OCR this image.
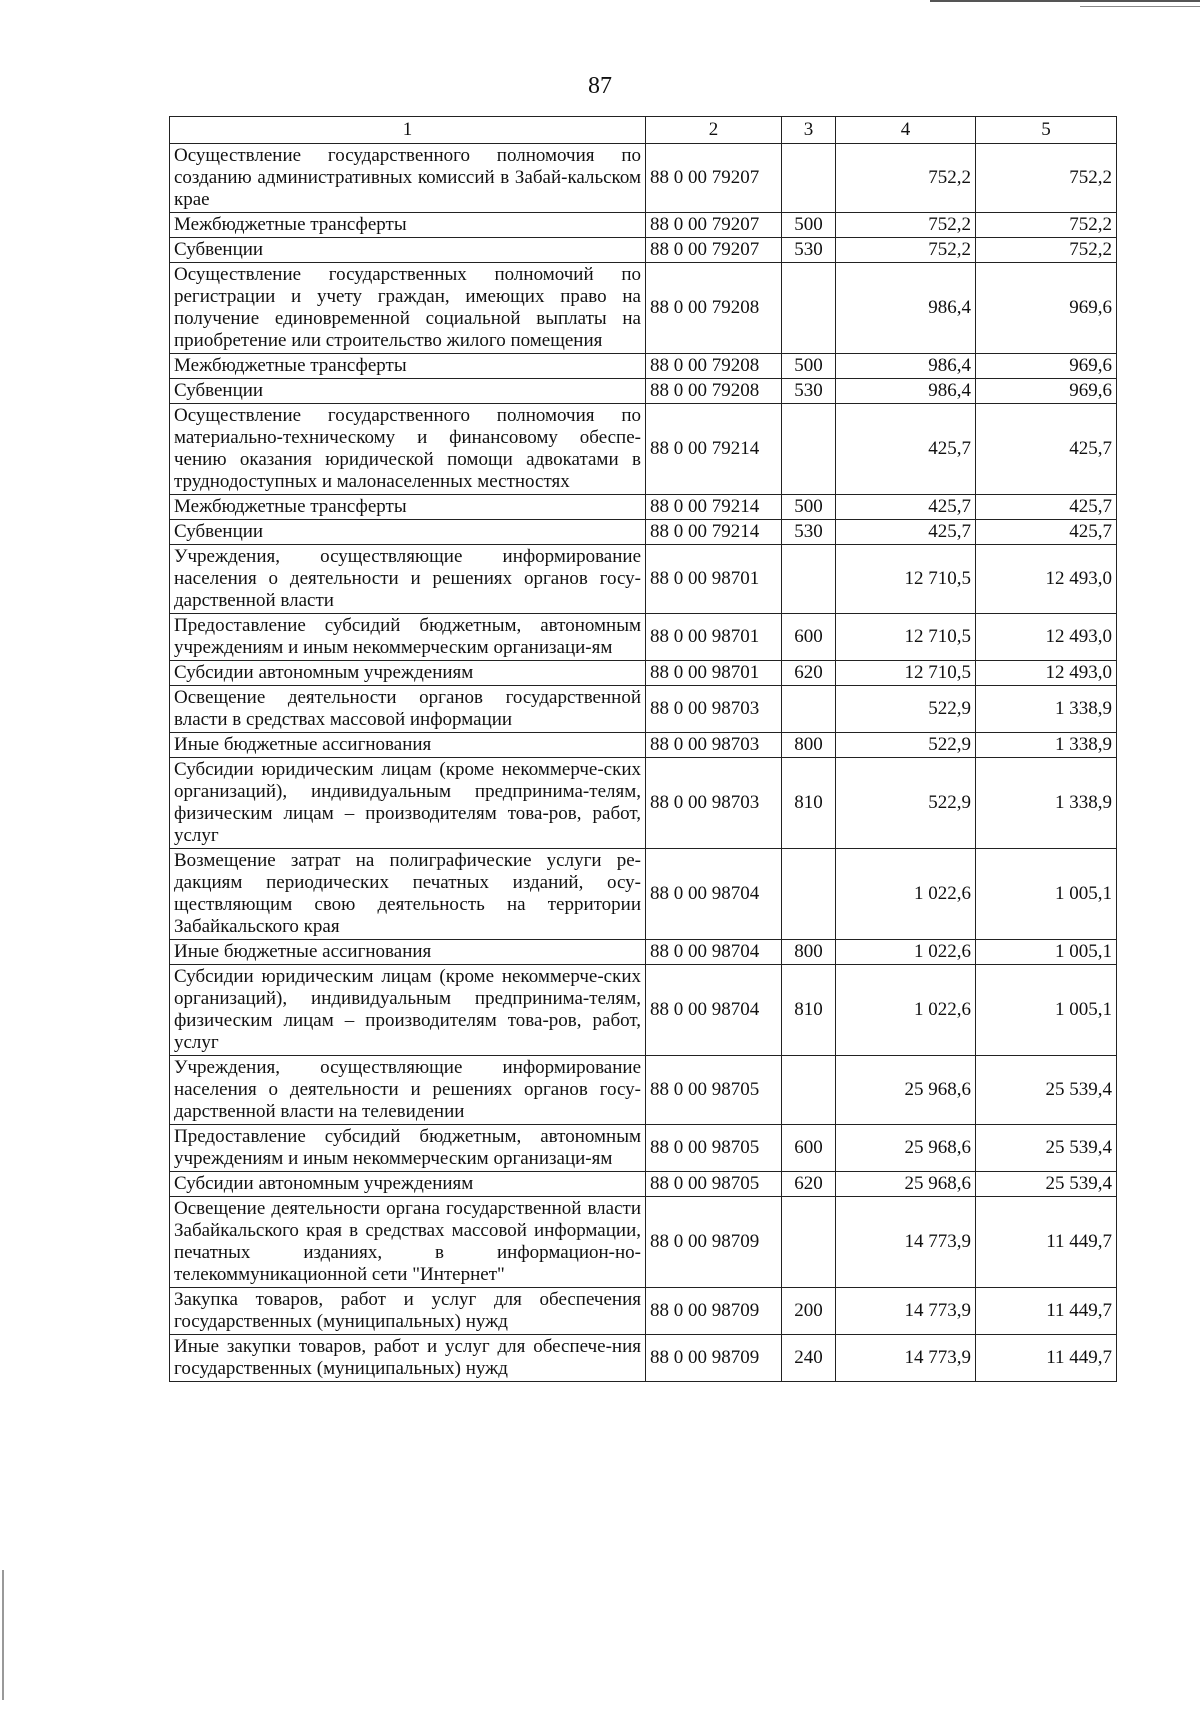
87
1	2	3	4	5
Осуществление государственного полномочия по созданию административных комиссий в Забай-кальском крае	88 0 00 79207		752,2	752,2
Межбюджетные трансферты	88 0 00 79207	500	752,2	752,2
Субвенции	88 0 00 79207	530	752,2	752,2
Осуществление государственных полномочий по регистрации и учету граждан, имеющих право на получение единовременной социальной выплаты на приобретение или строительство жилого помещения	88 0 00 79208		986,4	969,6
Межбюджетные трансферты	88 0 00 79208	500	986,4	969,6
Субвенции	88 0 00 79208	530	986,4	969,6
Осуществление государственного полномочия по материально-техническому и финансовому обеспе-чению оказания юридической помощи адвокатами в труднодоступных и малонаселенных местностях	88 0 00 79214		425,7	425,7
Межбюджетные трансферты	88 0 00 79214	500	425,7	425,7
Субвенции	88 0 00 79214	530	425,7	425,7
Учреждения, осуществляющие информирование населения о деятельности и решениях органов госу-дарственной власти	88 0 00 98701		12 710,5	12 493,0
Предоставление субсидий бюджетным, автономным учреждениям и иным некоммерческим организаци-ям	88 0 00 98701	600	12 710,5	12 493,0
Субсидии автономным учреждениям	88 0 00 98701	620	12 710,5	12 493,0
Освещение деятельности органов государственной власти в средствах массовой информации	88 0 00 98703		522,9	1 338,9
Иные бюджетные ассигнования	88 0 00 98703	800	522,9	1 338,9
Субсидии юридическим лицам (кроме некоммерче-ских организаций), индивидуальным предпринима-телям, физическим лицам – производителям това-ров, работ, услуг	88 0 00 98703	810	522,9	1 338,9
Возмещение затрат на полиграфические услуги ре-дакциям периодических печатных изданий, осу-ществляющим свою деятельность на территории Забайкальского края	88 0 00 98704		1 022,6	1 005,1
Иные бюджетные ассигнования	88 0 00 98704	800	1 022,6	1 005,1
Субсидии юридическим лицам (кроме некоммерче-ских организаций), индивидуальным предпринима-телям, физическим лицам – производителям това-ров, работ, услуг	88 0 00 98704	810	1 022,6	1 005,1
Учреждения, осуществляющие информирование населения о деятельности и решениях органов госу-дарственной власти на телевидении	88 0 00 98705		25 968,6	25 539,4
Предоставление субсидий бюджетным, автономным учреждениям и иным некоммерческим организаци-ям	88 0 00 98705	600	25 968,6	25 539,4
Субсидии автономным учреждениям	88 0 00 98705	620	25 968,6	25 539,4
Освещение деятельности органа государственной власти Забайкальского края в средствах массовой информации, печатных изданиях, в информацион-но-телекоммуникационной сети "Интернет"	88 0 00 98709		14 773,9	11 449,7
Закупка товаров, работ и услуг для обеспечения государственных (муниципальных) нужд	88 0 00 98709	200	14 773,9	11 449,7
Иные закупки товаров, работ и услуг для обеспече-ния государственных (муниципальных) нужд	88 0 00 98709	240	14 773,9	11 449,7
